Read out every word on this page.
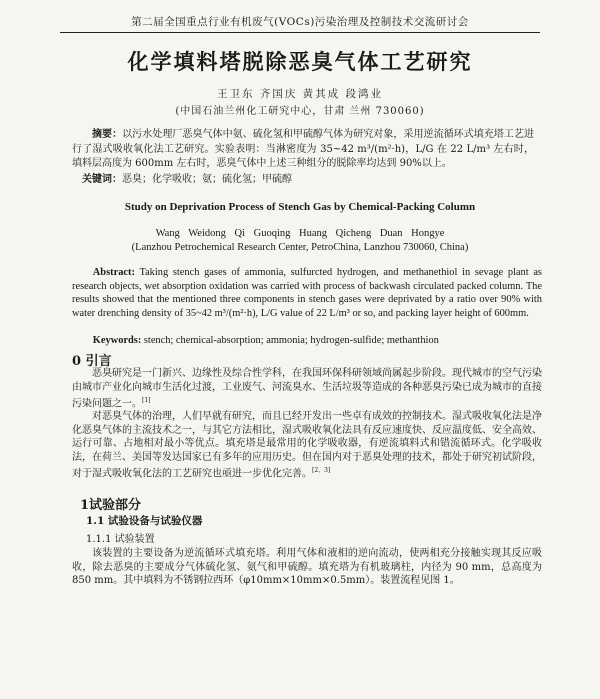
第二届全国重点行业有机废气(VOCs)污染治理及控制技术交流研讨会
化学填料塔脱除恶臭气体工艺研究
王卫东 齐国庆 黄其成 段鸿业
(中国石油兰州化工研究中心，甘肃 兰州 730060)
摘要：以污水处理厂恶臭气体中氨、硫化氢和甲硫醇气体为研究对象，采用逆流循环式填充塔工艺进行了湿式吸收氧化法工艺研究。实验表明：当淋密度为 35~42 m³/(m²·h)，L/G 在 22 L/m³ 左右时，填料层高度为 600mm 左右时，恶臭气体中上述三种组分的脱除率均达到 90%以上。
关键词：恶臭；化学吸收；氨；硫化氢；甲硫醇
Study on Deprivation Process of Stench Gas by Chemical-Packing Column
Wang Weidong Qi Guoqing Huang Qicheng Duan Hongye
(Lanzhou Petrochemical Research Center, PetroChina, Lanzhou 730060, China)
Abstract: Taking stench gases of ammonia, sulfurcted hydrogen, and methanethiol in sevage plant as research objects, wet absorption oxidation was carried with process of backwash circulated packed column. The results showed that the mentioned three components in stench gases were deprivated by a ratio over 90% with water drenching density of 35~42 m³/(m²·h), L/G value of 22 L/m³ or so, and packing layer height of 600mm.
Keywords: stench; chemical-absorption; ammonia; hydrogen-sulfide; methanthion
0 引言
恶臭研究是一门新兴、边缘性及综合性学科，在我国环保科研领域尚属起步阶段。现代城市的空气污染由城市产业化向城市生活化过渡，工业废气、河流臭水、生活垃圾等造成的各种恶臭污染已成为城市的直接污染问题之一。[1]
对恶臭气体的治理，人们早就有研究，而且已经开发出一些卓有成效的控制技术。湿式吸收氧化法是净化恶臭气体的主流技术之一，与其它方法相比，湿式吸收氧化法具有反应速度快、反应温度低、安全高效、运行可靠、占地相对最小等优点。填充塔是最常用的化学吸收器，有逆流填料式和错流循环式。化学吸收法，在荷兰、美国等发达国家已有多年的应用历史。但在国内对于恶臭处理的技术，都处于研究初试阶段，对于湿式吸收氧化法的工艺研究也亟进一步优化完善。[2、3]
1试验部分
1.1 试验设备与试验仪器
1.1.1 试验装置
该装置的主要设备为逆流循环式填充塔。利用气体和液相的逆向流动，使两相充分接触实现其反应吸收，除去恶臭的主要成分气体硫化氢、氨气和甲硫醇。填充塔为有机玻璃柱，内径为 90 mm，总高度为 850 mm。其中填料为不锈钢拉西环（φ10mm×10mm×0.5mm）。装置流程见图 1。
